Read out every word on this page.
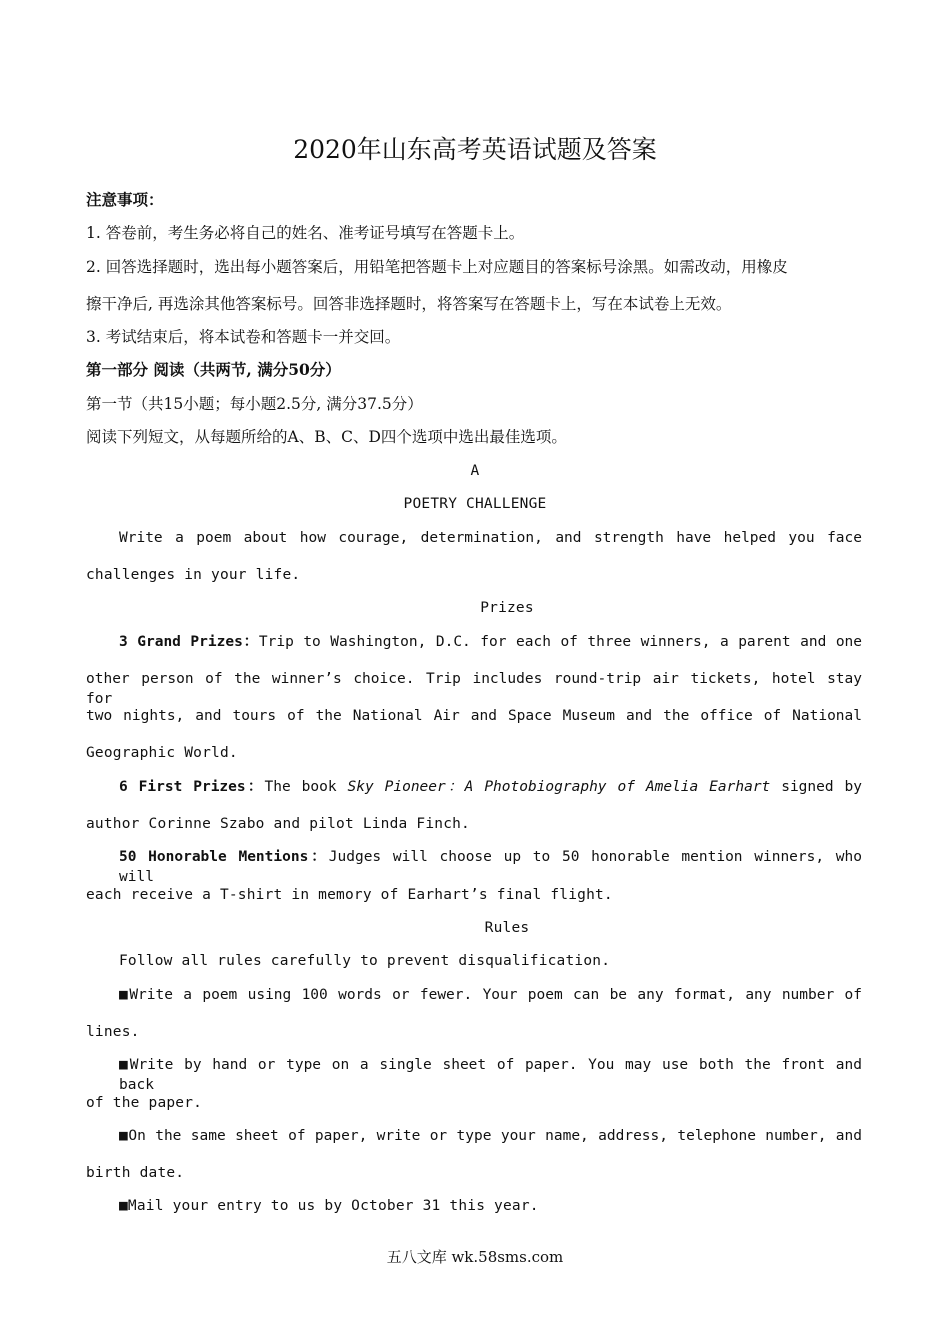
2020年山东高考英语试题及答案
注意事项：
1. 答卷前，考生务必将自己的姓名、准考证号填写在答题卡上。
2. 回答选择题时，选出每小题答案后，用铅笔把答题卡上对应题目的答案标号涂黑。如需改动，用橡皮
擦干净后, 再选涂其他答案标号。回答非选择题时，将答案写在答题卡上，写在本试卷上无效。
3. 考试结束后，将本试卷和答题卡一并交回。
第一部分 阅读（共两节, 满分50分）
第一节（共15小题；每小题2.5分, 满分37.5分）
阅读下列短文，从每题所给的A、B、C、D四个选项中选出最佳选项。
A
POETRY CHALLENGE
Write a poem about how courage, determination, and strength have helped you face
challenges in your life.
Prizes
3 Grand Prizes：Trip to Washington, D.C. for each of three winners, a parent and one
other person of the winner’s choice. Trip includes round-trip air tickets, hotel stay for
two nights, and tours of the National Air and Space Museum and the office of National
Geographic World.
6 First Prizes：The book Sky Pioneer：A Photobiography of Amelia Earhart signed by
author Corinne Szabo and pilot Linda Finch.
50 Honorable Mentions：Judges will choose up to 50 honorable mention winners, who will
each receive a T-shirt in memory of Earhart’s final flight.
Rules
Follow all rules carefully to prevent disqualification.
■Write a poem using 100 words or fewer. Your poem can be any format, any number of
lines.
■Write by hand or type on a single sheet of paper. You may use both the front and back
of the paper.
■On the same sheet of paper, write or type your name, address, telephone number, and
birth date.
■Mail your entry to us by October 31 this year.
五八文库 wk.58sms.com
